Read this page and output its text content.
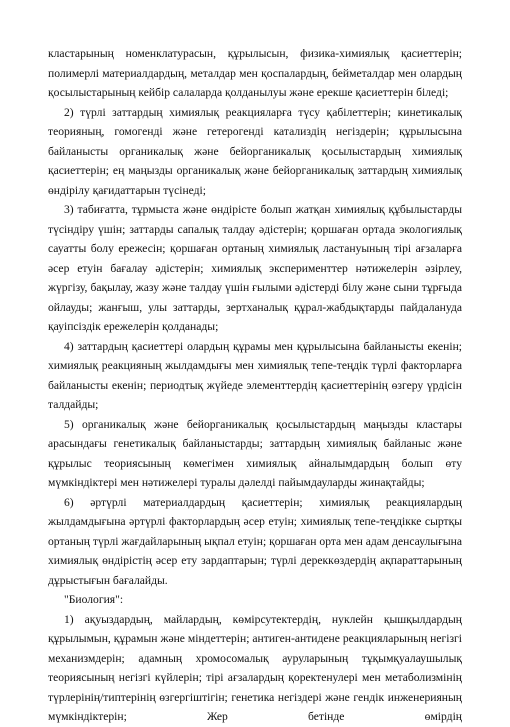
кластарының номенклатурасын, құрылысын, физика-химиялық қасиеттерін; полимерлі материалдардың, металдар мен қоспалардың, бейметалдар мен олардың қосылыстарының кейбір салаларда қолданылуы және ерекше қасиеттерін біледі;

2) түрлі заттардың химиялық реакцияларға түсу қабілеттерін; кинетикалық теорияның, гомогенді және гетерогенді катализдің негіздерін; құрылысына байланысты органикалық және бейорганикалық қосылыстардың химиялық қасиеттерін; ең маңызды органикалық және бейорганикалық заттардың химиялық өндірілу қағидаттарын түсінеді;

3) табиғатта, тұрмыста және өндірісте болып жатқан химиялық құбылыстарды түсіндіру үшін; заттарды сапалық талдау әдістерін; қоршаған ортада экологиялық сауатты болу ережесін; қоршаған ортаның химиялық ластануының тірі ағзаларға әсер етуін бағалау әдістерін; химиялық эксперименттер нәтижелерін әзірлеу, жүргізу, бақылау, жазу және талдау үшін ғылыми әдістерді білу және сыни тұрғыда ойлауды; жанғыш, улы заттарды, зертханалық құрал-жабдықтарды пайдалануда қауіпсіздік ережелерін қолданады;

4) заттардың қасиеттері олардың құрамы мен құрылысына байланысты екенін; химиялық реакцияның жылдамдығы мен химиялық тепе-теңдік түрлі факторларға байланысты екенін; периодтық жүйеде элементтердің қасиеттерінің өзгеру үрдісін талдайды;

5) органикалық және бейорганикалық қосылыстардың маңызды кластары арасындағы генетикалық байланыстарды; заттардың химиялық байланыс және құрылыс теориясының көмегімен химиялық айналымдардың болып өту мүмкіндіктері мен нәтижелері туралы дәлелді пайымдауларды жинақтайды;

6) әртүрлі материалдардың қасиеттерін; химиялық реакциялардың жылдамдығына әртүрлі факторлардың әсер етуін; химиялық тепе-теңдікке сыртқы ортаның түрлі жағдайларының ықпал етуін; қоршаған орта мен адам денсаулығына химиялық өндірістің әсер ету зардаптарын; түрлі дереккөздердің ақпараттарының дұрыстығын бағалайды.

"Биология":

1) ақуыздардың, майлардың, көмірсутектердің, нуклейн қышқылдардың құрылымын, құрамын және міндеттерін; антиген-антидене реакцияларының негізгі механизмдерін; адамның хромосомалық ауруларының тұқымқуалаушылық теориясының негізгі күйлерін; тірі ағзалардың қоректенулері мен метаболизмінің түрлерінің/типтерінің өзгергіштігін; генетика негіздері және гендік инженерияның мүмкіндіктерін; Жер бетінде өмірдің
